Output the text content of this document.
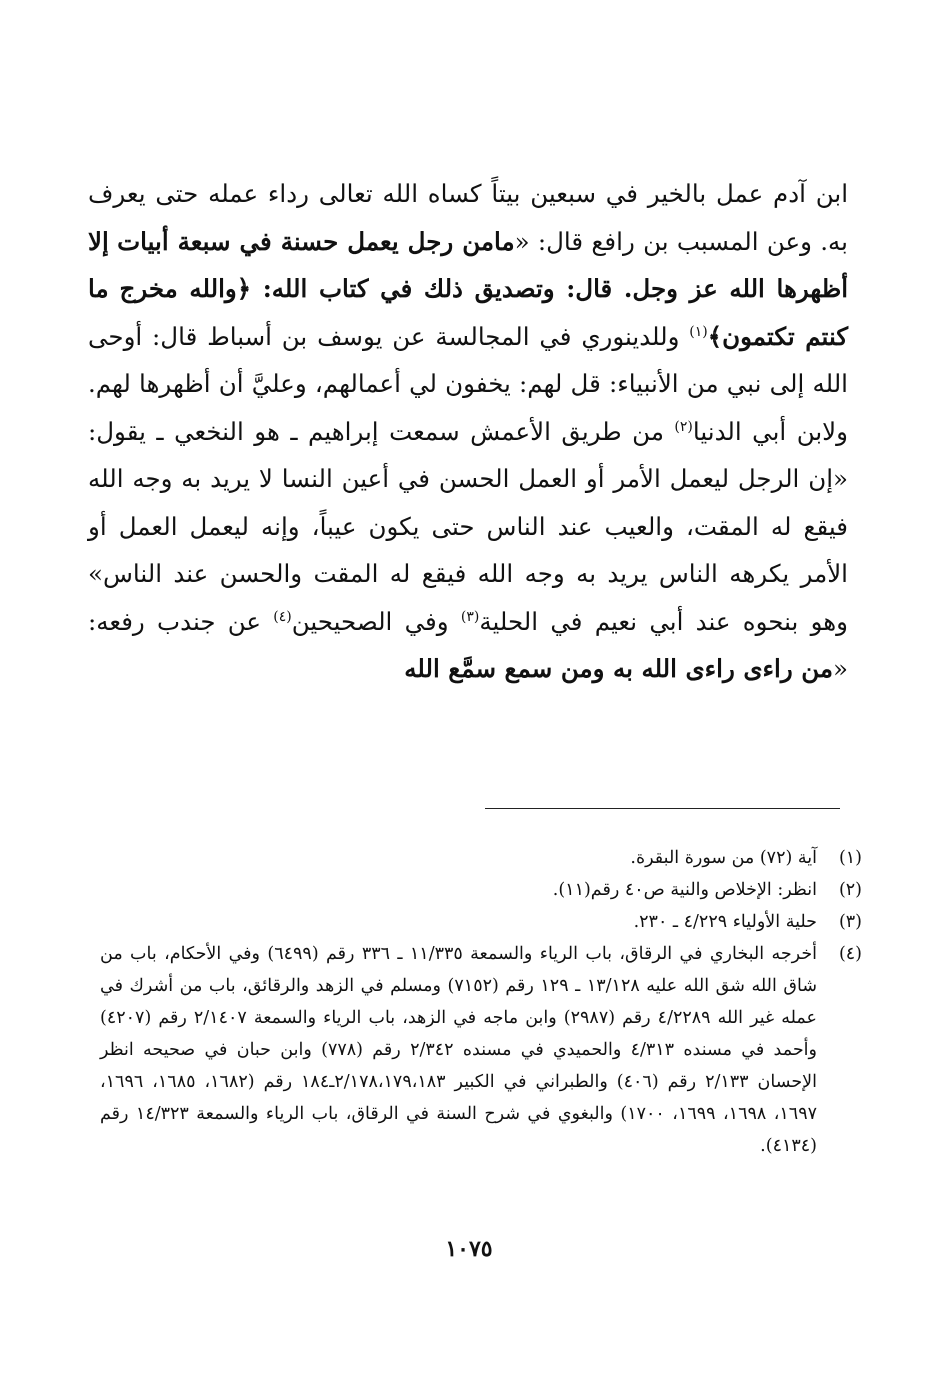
ابن آدم عمل بالخير في سبعين بيتاً كساه الله تعالى رداء عمله حتى يعرف به. وعن المسبب بن رافع قال: «مامن رجل يعمل حسنة في سبعة أبيات إلا أظهرها الله عز وجل. قال: وتصديق ذلك في كتاب الله: ﴿والله مخرج ما كنتم تكتمون﴾$^{(١)}$ وللدينوري في المجالسة عن يوسف بن أسباط قال: أوحى الله إلى نبي من الأنبياء: قل لهم: يخفون لي أعمالهم، وعليَّ أن أظهرها لهم. ولابن أبي الدنيا$^{(٢)}$ من طريق الأعمش سمعت إبراهيم ـ هو النخعي ـ يقول: «إن الرجل ليعمل الأمر أو العمل الحسن في أعين النسا لا يريد به وجه الله فيقع له المقت، والعيب عند الناس حتى يكون عيباً، وإنه ليعمل العمل أو الأمر يكرهه الناس يريد به وجه الله فيقع له المقت والحسن عند الناس» وهو بنحوه عند أبي نعيم في الحلية$^{(٣)}$ وفي الصحيحين$^{(٤)}$ عن جندب رفعه: «من راءى راءى الله به ومن سمع سمَّع الله
(١)
آية (٧٢) من سورة البقرة.
(٢)
انظر: الإخلاص والنية ص٤٠ رقم(١١).
(٣)
حلية الأولياء ٤/٢٢٩ ـ ٢٣٠.
(٤)
أخرجه البخاري في الرقاق، باب الرياء والسمعة ١١/٣٣٥ ـ ٣٣٦ رقم (٦٤٩٩) وفي الأحكام، باب من شاق الله شق الله عليه ١٣/١٢٨ ـ ١٢٩ رقم (٧١٥٢) ومسلم في الزهد والرقائق، باب من أشرك في عمله غير الله ٤/٢٢٨٩ رقم (٢٩٨٧) وابن ماجه في الزهد، باب الرياء والسمعة ٢/١٤٠٧ رقم (٤٢٠٧) وأحمد في مسنده ٤/٣١٣ والحميدي في مسنده ٢/٣٤٢ رقم (٧٧٨) وابن حبان في صحيحه انظر الإحسان ٢/١٣٣ رقم (٤٠٦) والطبراني في الكبير ٢/١٧٨،١٧٩،١٨٣ـ١٨٤ رقم (١٦٨٢، ١٦٨٥، ١٦٩٦، ١٦٩٧، ١٦٩٨، ١٦٩٩، ١٧٠٠) والبغوي في شرح السنة في الرقاق، باب الرياء والسمعة ١٤/٣٢٣ رقم (٤١٣٤).
١٠٧٥
